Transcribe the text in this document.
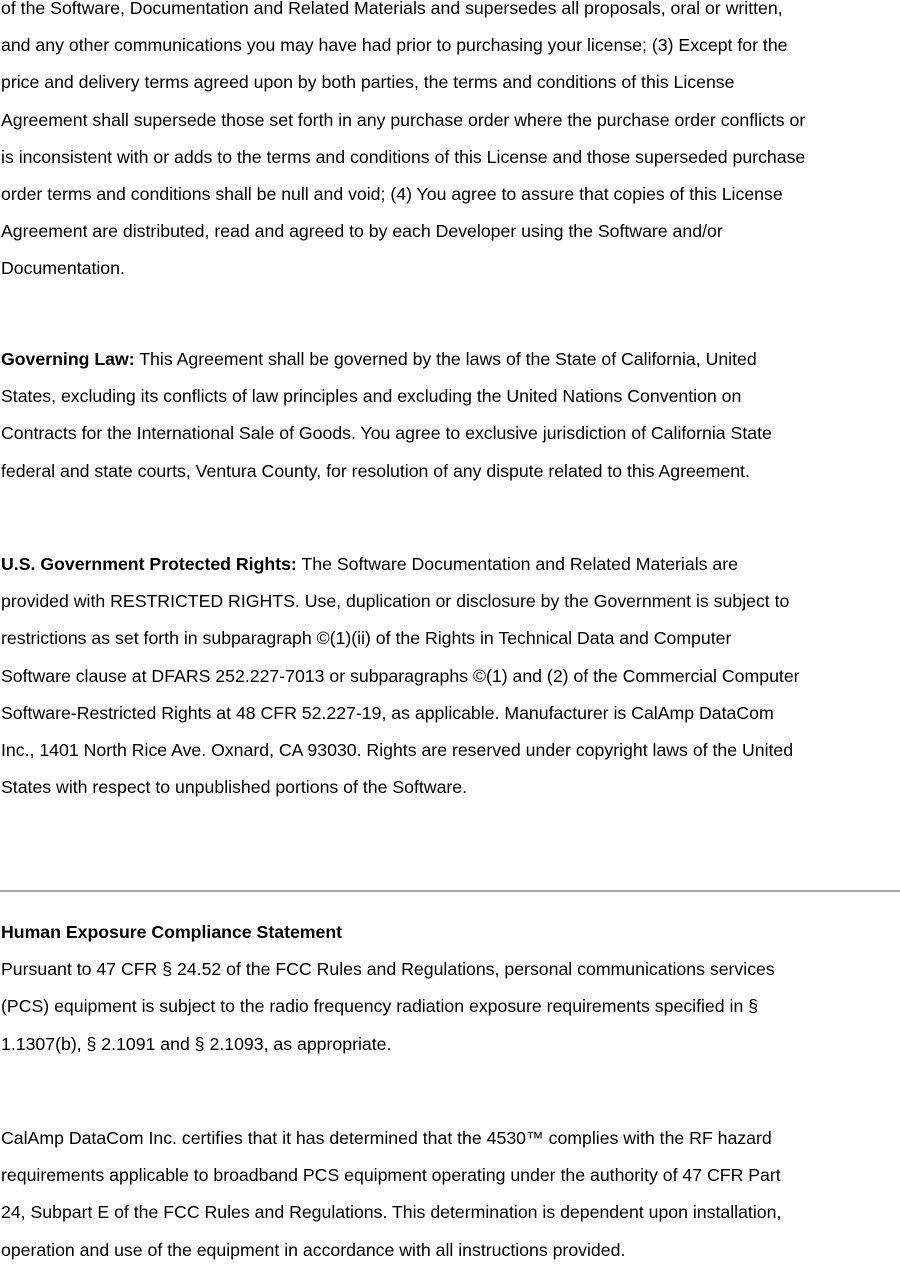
of the Software, Documentation and Related Materials and supersedes all proposals, oral or written,
and any other communications you may have had prior to purchasing your license; (3) Except for the
price and delivery terms agreed upon by both parties, the terms and conditions of this License
Agreement shall supersede those set forth in any purchase order where the purchase order conflicts or
is inconsistent with or adds to the terms and conditions of this License and those superseded purchase
order terms and conditions shall be null and void; (4) You agree to assure that copies of this License
Agreement are distributed, read and agreed to by each Developer using the Software and/or
Documentation.
Governing Law: This Agreement shall be governed by the laws of the State of California, United
States, excluding its conflicts of law principles and excluding the United Nations Convention on
Contracts for the International Sale of Goods. You agree to exclusive jurisdiction of California State
federal and state courts, Ventura County, for resolution of any dispute related to this Agreement.
U.S. Government Protected Rights: The Software Documentation and Related Materials are
provided with RESTRICTED RIGHTS. Use, duplication or disclosure by the Government is subject to
restrictions as set forth in subparagraph ©(1)(ii) of the Rights in Technical Data and Computer
Software clause at DFARS 252.227-7013 or subparagraphs ©(1) and (2) of the Commercial Computer
Software-Restricted Rights at 48 CFR 52.227-19, as applicable. Manufacturer is CalAmp DataCom
Inc., 1401 North Rice Ave. Oxnard, CA 93030. Rights are reserved under copyright laws of the United
States with respect to unpublished portions of the Software.
Human Exposure Compliance Statement
Pursuant to 47 CFR § 24.52 of the FCC Rules and Regulations, personal communications services
(PCS) equipment is subject to the radio frequency radiation exposure requirements specified in §
1.1307(b), § 2.1091 and § 2.1093, as appropriate.
CalAmp DataCom Inc. certifies that it has determined that the 4530™ complies with the RF hazard
requirements applicable to broadband PCS equipment operating under the authority of 47 CFR Part
24, Subpart E of the FCC Rules and Regulations. This determination is dependent upon installation,
operation and use of the equipment in accordance with all instructions provided.
